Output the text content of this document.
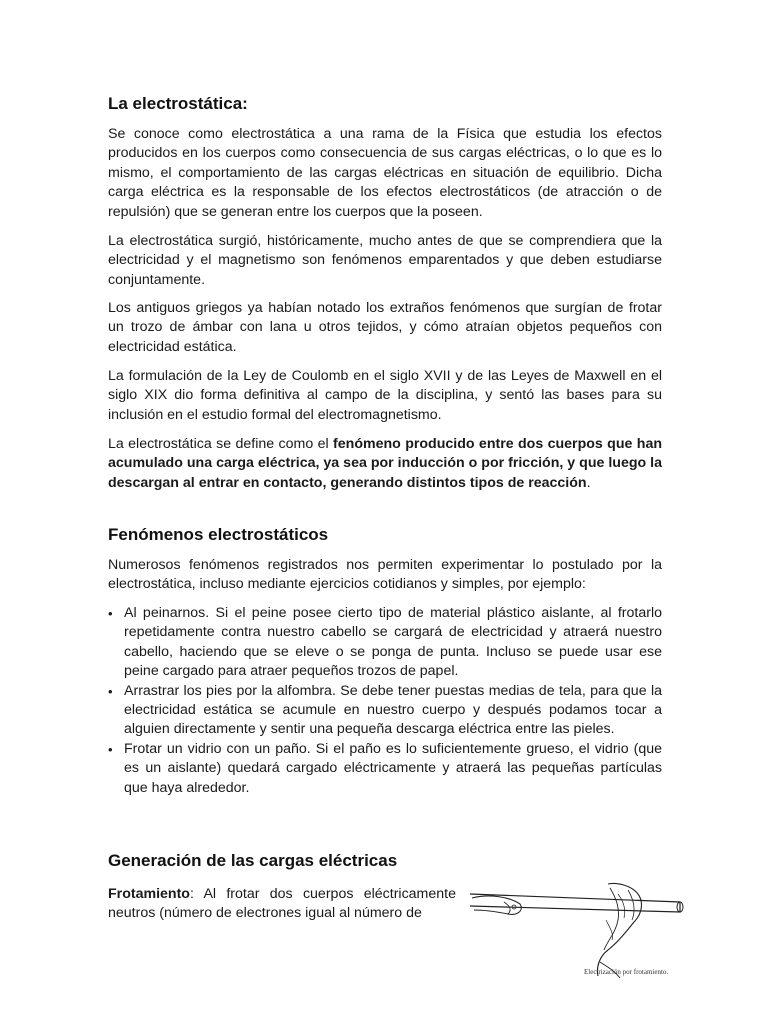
La electrostática:

Se conoce como electrostática a una rama de la Física que estudia los efectos producidos en los cuerpos como consecuencia de sus cargas eléctricas, o lo que es lo mismo, el comportamiento de las cargas eléctricas en situación de equilibrio. Dicha carga eléctrica es la responsable de los efectos electrostáticos (de atracción o de repulsión) que se generan entre los cuerpos que la poseen.

La electrostática surgió, históricamente, mucho antes de que se comprendiera que la electricidad y el magnetismo son fenómenos emparentados y que deben estudiarse conjuntamente.

Los antiguos griegos ya habían notado los extraños fenómenos que surgían de frotar un trozo de ámbar con lana u otros tejidos, y cómo atraían objetos pequeños con electricidad estática.

La formulación de la Ley de Coulomb en el siglo XVII y de las Leyes de Maxwell en el siglo XIX dio forma definitiva al campo de la disciplina, y sentó las bases para su inclusión en el estudio formal del electromagnetismo.

La electrostática se define como el fenómeno producido entre dos cuerpos que han acumulado una carga eléctrica, ya sea por inducción o por fricción, y que luego la descargan al entrar en contacto, generando distintos tipos de reacción.

Fenómenos electrostáticos

Numerosos fenómenos registrados nos permiten experimentar lo postulado por la electrostática, incluso mediante ejercicios cotidianos y simples, por ejemplo:

• Al peinarnos. Si el peine posee cierto tipo de material plástico aislante, al frotarlo repetidamente contra nuestro cabello se cargará de electricidad y atraerá nuestro cabello, haciendo que se eleve o se ponga de punta. Incluso se puede usar ese peine cargado para atraer pequeños trozos de papel.
• Arrastrar los pies por la alfombra. Se debe tener puestas medias de tela, para que la electricidad estática se acumule en nuestro cuerpo y después podamos tocar a alguien directamente y sentir una pequeña descarga eléctrica entre las pieles.
• Frotar un vidrio con un paño. Si el paño es lo suficientemente grueso, el vidrio (que es un aislante) quedará cargado eléctricamente y atraerá las pequeñas partículas que haya alrededor.
Generación de las cargas eléctricas

Frotamiento: Al frotar dos cuerpos eléctricamente neutros (número de electrones igual al número de

Electrización por frotamiento.
